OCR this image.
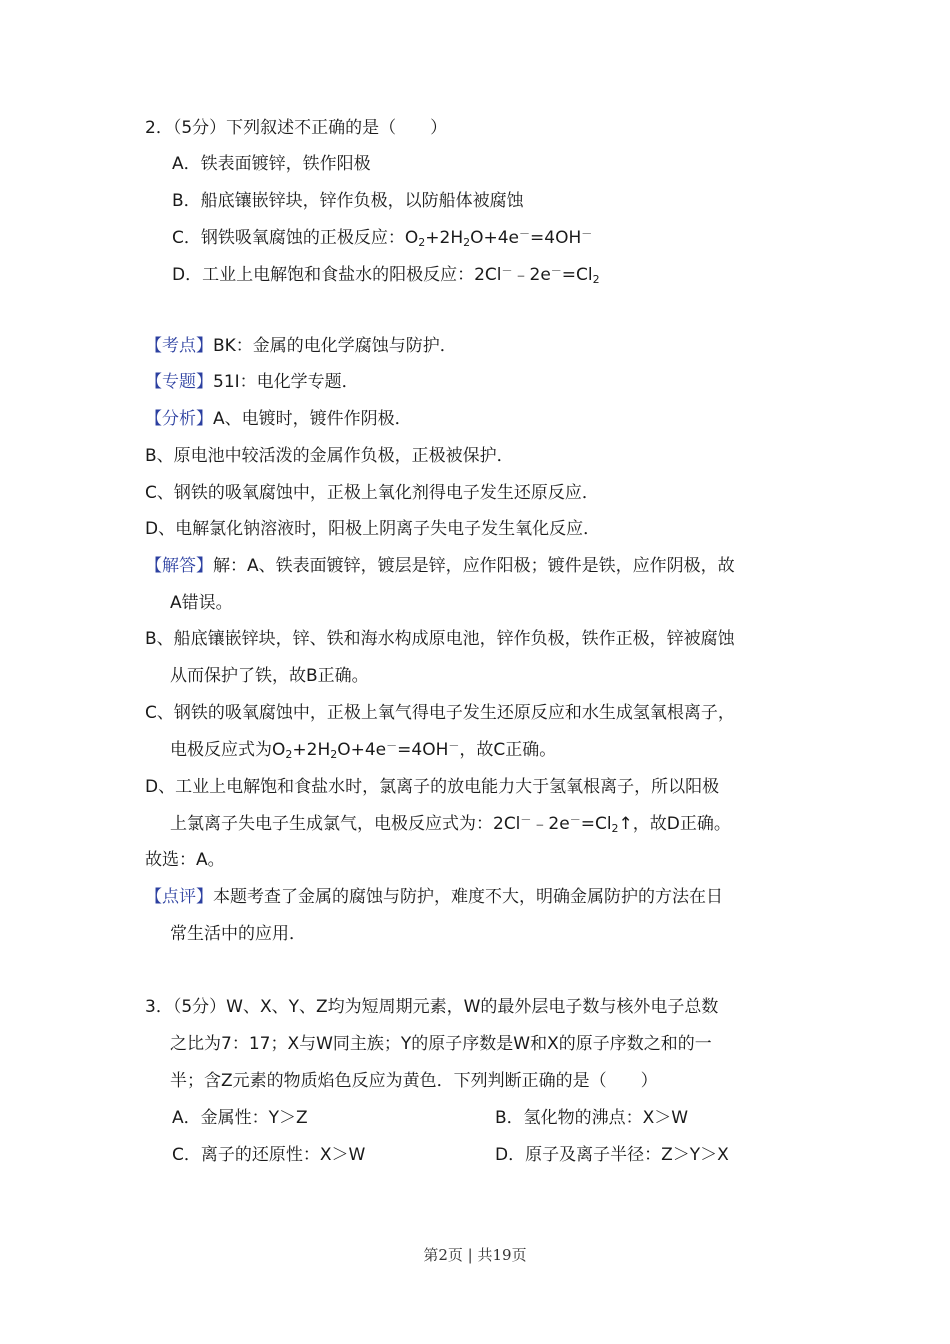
2．（5分）下列叙述不正确的是（　　）
A．铁表面镀锌，铁作阳极
B．船底镶嵌锌块，锌作负极，以防船体被腐蚀
C．钢铁吸氧腐蚀的正极反应：$O_2+2H_2O+4e^-=4OH^-$
D．工业上电解饱和食盐水的阳极反应：$2Cl^-﹣2e^-=Cl_2$
【考点】BK：金属的电化学腐蚀与防护．
【专题】51I：电化学专题．
【分析】A、电镀时，镀件作阴极．
B、原电池中较活泼的金属作负极，正极被保护．
C、钢铁的吸氧腐蚀中，正极上氧化剂得电子发生还原反应．
D、电解氯化钠溶液时，阳极上阴离子失电子发生氧化反应．
【解答】解：A、铁表面镀锌，镀层是锌，应作阳极；镀件是铁，应作阴极，故
A错误。
B、船底镶嵌锌块，锌、铁和海水构成原电池，锌作负极，铁作正极，锌被腐蚀
从而保护了铁，故B正确。
C、钢铁的吸氧腐蚀中，正极上氧气得电子发生还原反应和水生成氢氧根离子，
电极反应式为$O_2+2H_2O+4e^-=4OH^-$，故C正确。
D、工业上电解饱和食盐水时，氯离子的放电能力大于氢氧根离子，所以阳极
上氯离子失电子生成氯气，电极反应式为：$2Cl^-﹣2e^-=Cl_2↑$，故D正确。
故选：A。
【点评】本题考查了金属的腐蚀与防护，难度不大，明确金属防护的方法在日
常生活中的应用．
3．（5分）W、X、Y、Z均为短周期元素，W的最外层电子数与核外电子总数
之比为7：17；X与W同主族；Y的原子序数是W和X的原子序数之和的一
半；含Z元素的物质焰色反应为黄色．下列判断正确的是（　　）
A．金属性：Y＞Z	B．氢化物的沸点：X＞W
C．离子的还原性：X＞W	D．原子及离子半径：Z＞Y＞X
第2页 | 共19页
